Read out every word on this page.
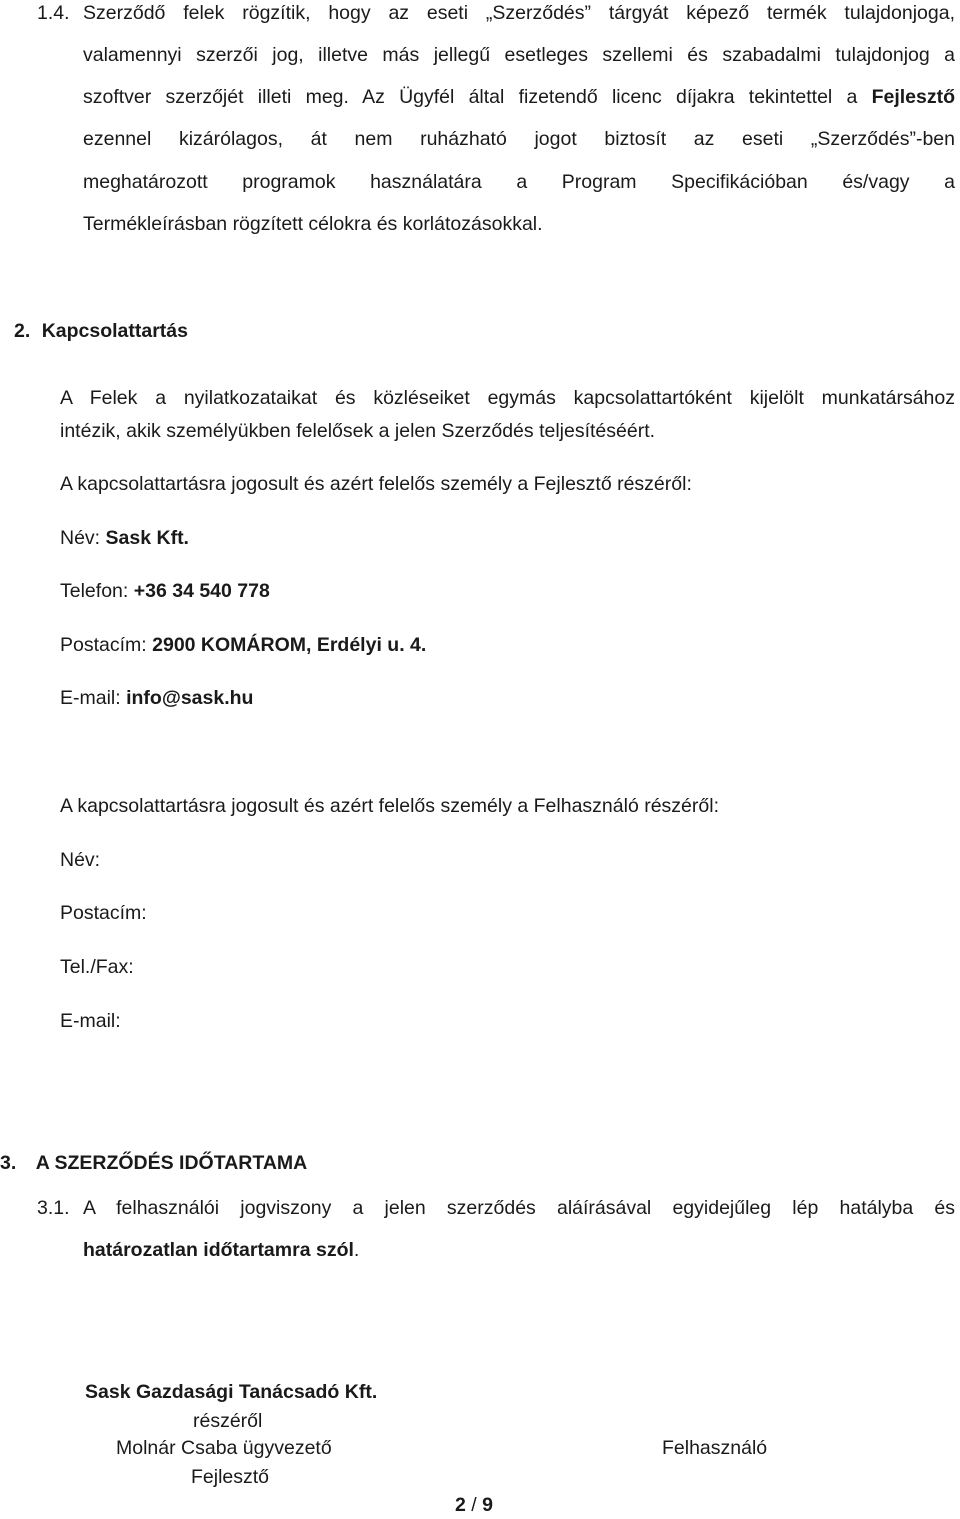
1.4. Szerződő felek rögzítik, hogy az eseti „Szerződés” tárgyát képező termék tulajdonjoga,
valamennyi szerzői jog, illetve más jellegű esetleges szellemi és szabadalmi tulajdonjog a
szoftver szerzőjét illeti meg. Az Ügyfél által fizetendő licenc díjakra tekintettel a Fejlesztő
ezennel kizárólagos, át nem ruházható jogot biztosít az eseti „Szerződés”-ben
meghatározott programok használatára a Program Specifikációban és/vagy a
Termékleírásban rögzített célokra és korlátozásokkal.
2. Kapcsolattartás
A Felek a nyilatkozataikat és közléseiket egymás kapcsolattartóként kijelölt munkatársához
intézik, akik személyükben felelősek a jelen Szerződés teljesítéséért.
A kapcsolattartásra jogosult és azért felelős személy a Fejlesztő részéről:
Név: Sask Kft.
Telefon: +36 34 540 778
Postacím: 2900 KOMÁROM, Erdélyi u. 4.
E-mail: info@sask.hu
A kapcsolattartásra jogosult és azért felelős személy a Felhasználó részéről:
Név:
Postacím:
Tel./Fax:
E-mail:
3. A SZERZŐDÉS IDŐTARTAMA
3.1. A felhasználói jogviszony a jelen szerződés aláírásával egyidejűleg lép hatályba és
határozatlan időtartamra szól.
Sask Gazdasági Tanácsadó Kft.
részéről
Molnár Csaba ügyvezető
Fejlesztő
Felhasználó
2 / 9
